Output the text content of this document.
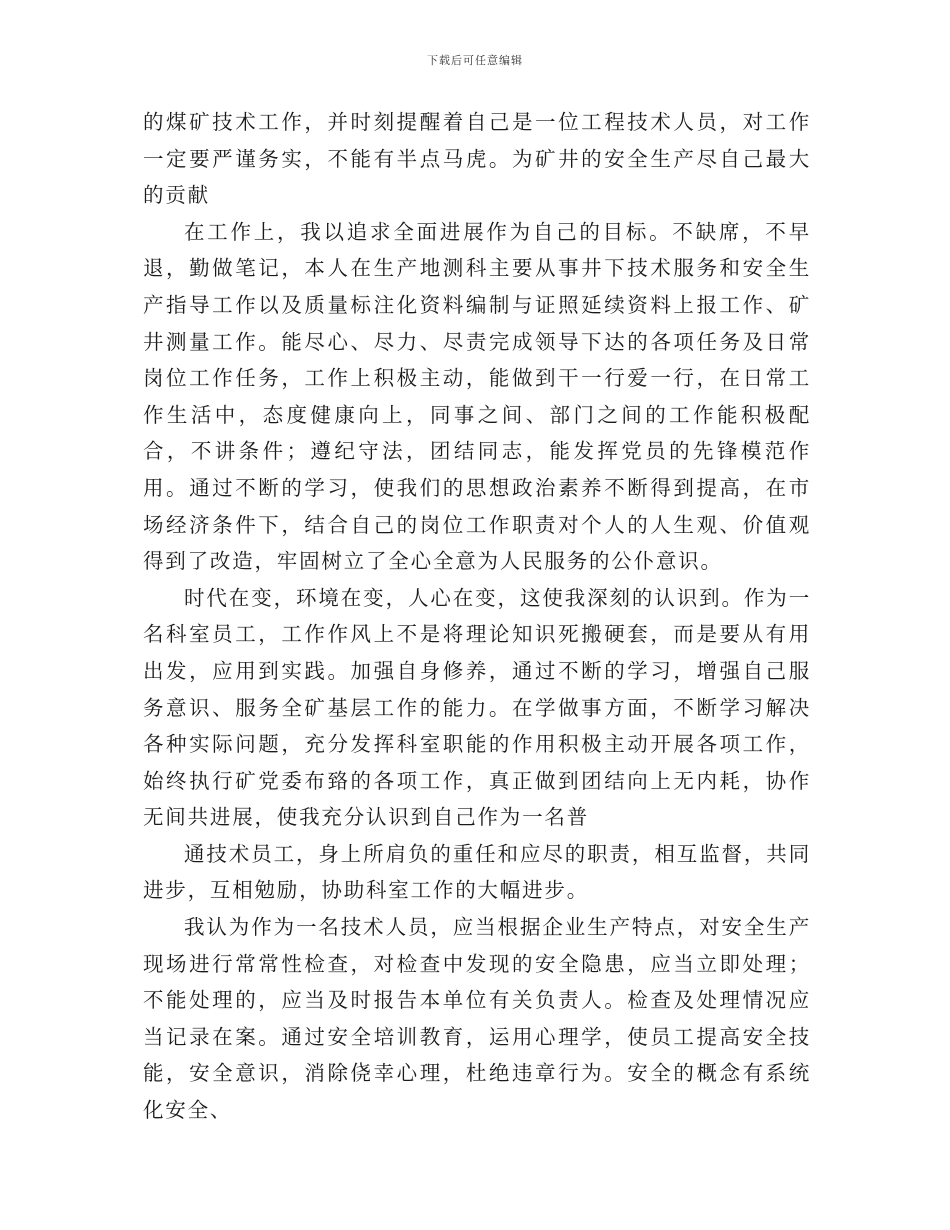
下载后可任意编辑

的煤矿技术工作，并时刻提醒着自己是一位工程技术人员，对工作一定要严谨务实，不能有半点马虎。为矿井的安全生产尽自己最大的贡献

在工作上，我以追求全面进展作为自己的目标。不缺席，不早退，勤做笔记，本人在生产地测科主要从事井下技术服务和安全生产指导工作以及质量标注化资料编制与证照延续资料上报工作、矿井测量工作。能尽心、尽力、尽责完成领导下达的各项任务及日常岗位工作任务，工作上积极主动，能做到干一行爱一行，在日常工作生活中，态度健康向上，同事之间、部门之间的工作能积极配合，不讲条件；遵纪守法，团结同志，能发挥党员的先锋模范作用。通过不断的学习，使我们的思想政治素养不断得到提高，在市场经济条件下，结合自己的岗位工作职责对个人的人生观、价值观得到了改造，牢固树立了全心全意为人民服务的公仆意识。

时代在变，环境在变，人心在变，这使我深刻的认识到。作为一名科室员工，工作作风上不是将理论知识死搬硬套，而是要从有用出发，应用到实践。加强自身修养，通过不断的学习，增强自己服务意识、服务全矿基层工作的能力。在学做事方面，不断学习解决各种实际问题，充分发挥科室职能的作用积极主动开展各项工作，始终执行矿党委布臵的各项工作，真正做到团结向上无内耗，协作无间共进展，使我充分认识到自己作为一名普

通技术员工，身上所肩负的重任和应尽的职责，相互监督，共同进步，互相勉励，协助科室工作的大幅进步。

我认为作为一名技术人员，应当根据企业生产特点，对安全生产现场进行常常性检查，对检查中发现的安全隐患，应当立即处理；不能处理的，应当及时报告本单位有关负责人。检查及处理情况应当记录在案。通过安全培训教育，运用心理学，使员工提高安全技能，安全意识，消除侥幸心理，杜绝违章行为。安全的概念有系统化安全、
